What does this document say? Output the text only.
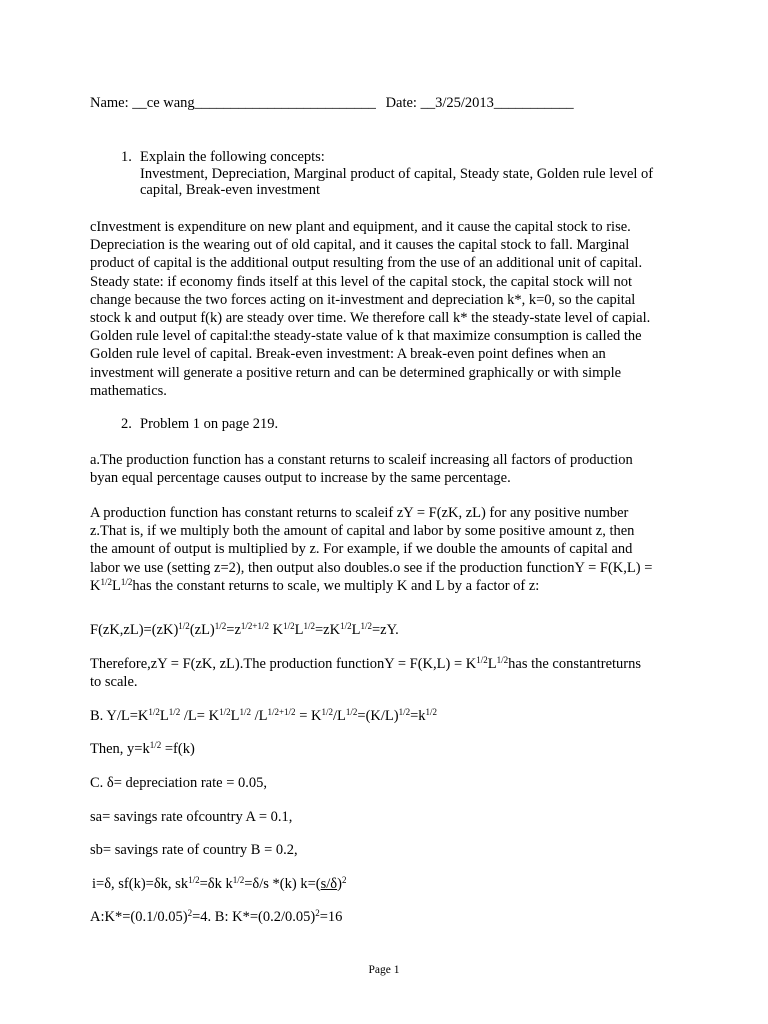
Name: __ce wang_________________________ Date: __3/25/2013___________
1. Explain the following concepts:
Investment, Depreciation, Marginal product of capital, Steady state, Golden rule level of
capital, Break-even investment
cInvestment is expenditure on new plant and equipment, and it cause the capital stock to rise.
Depreciation is the wearing out of old capital, and it causes the capital stock to fall. Marginal
product of capital is the additional output resulting from the use of an additional unit of capital.
Steady state: if economy finds itself at this level of the capital stock, the capital stock will not
change because the two forces acting on it-investment and depreciation k*, k=0, so the capital
stock k and output f(k) are steady over time. We therefore call k* the steady-state level of capial.
Golden rule level of capital:the steady-state value of k that maximize consumption is called the
Golden rule level of capital. Break-even investment: A break-even point defines when an
investment will generate a positive return and can be determined graphically or with simple
mathematics.
2. Problem 1 on page 219.
a.The production function has a constant returns to scaleif increasing all factors of production
byan equal percentage causes output to increase by the same percentage.
A production function has constant returns to scaleif zY = F(zK, zL) for any positive number
z.That is, if we multiply both the amount of capital and labor by some positive amount z, then
the amount of output is multiplied by z. For example, if we double the amounts of capital and
labor we use (setting z=2), then output also doubles.o see if the production functionY = F(K,L) =
$K^{1/2}L^{1/2}has$ the constant returns to scale, we multiply K and L by a factor of z:
$F(zK,zL)=(zK)^{1/2}(zL)^{1/2}=z^{1/2+1/2}$ $K^{1/2}L^{1/2}=zK^{1/2}L^{1/2}=zY$.
Therefore,zY = F(zK, zL).The production functionY = $F(K,L) = K^{1/2}L^{1/2}has$ the constantreturns
to scale.
B. $Y/L=K^{1/2}L^{1/2}$ $/L= K^{1/2}L^{1/2}$ $/L^{1/2+1/2} = K^{1/2}/L^{1/2}=(K/L)^{1/2}=k^{1/2}$
Then, $y=k^{1/2} =f(k)$
C. δ= depreciation rate = 0.05,
sa= savings rate ofcountry A = 0.1,
sb= savings rate of country B = 0.2,
i=δ, sf(k)=δk, $sk^{1/2}=\delta k$ $k^{1/2}=\delta/s$ *(k) $k=(s/\delta)^2$
$A:K*=(0.1/0.05)^2=4$. B: $K*=(0.2/0.05)^2=16$
Page 1
